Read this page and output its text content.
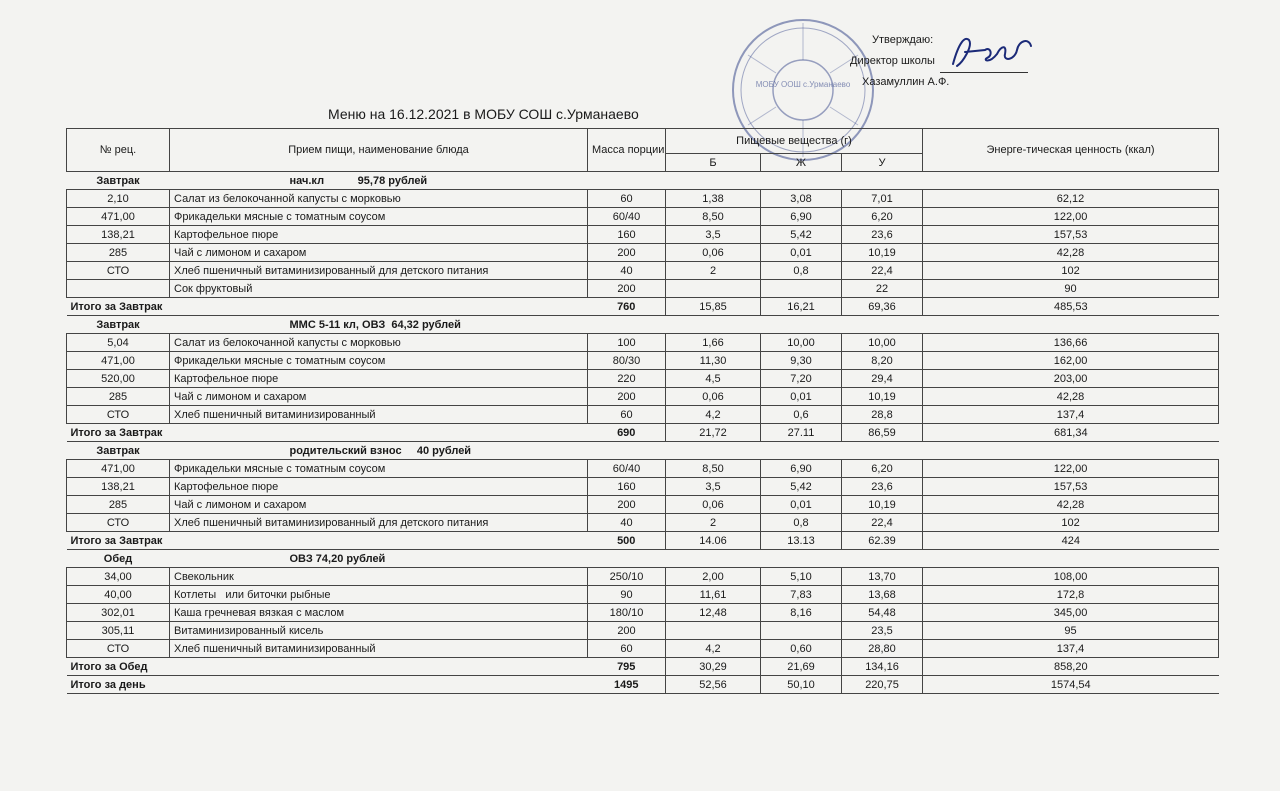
МОБУ ООШ с.Урманаево
Утверждаю:
Директор школы
Хазамуллин А.Ф.
Меню на 16.12.2021 в МОБУ СОШ с.Урманаево
№ рец.	Прием пищи, наименование блюда	Масса порции	Пищевые вещества (г)			Энерге-тическая ценность (ккал)
			Б	Ж	У	
Завтрак	нач.кл           95,78 рублей					
2,10	Салат из белокочанной капусты с морковью	60	1,38	3,08	7,01	62,12
471,00	Фрикадельки мясные с томатным соусом	60/40	8,50	6,90	6,20	122,00
138,21	Картофельное пюре	160	3,5	5,42	23,6	157,53
285	Чай с лимоном и сахаром	200	0,06	0,01	10,19	42,28
СТО	Хлеб пшеничный витаминизированный для детского питания	40	2	0,8	22,4	102
	Сок фруктовый	200			22	90
Итого за Завтрак		760	15,85	16,21	69,36	485,53
Завтрак	ММС 5-11 кл, ОВЗ  64,32 рублей					
5,04	Салат из белокочанной капусты с морковью	100	1,66	10,00	10,00	136,66
471,00	Фрикадельки мясные с томатным соусом	80/30	11,30	9,30	8,20	162,00
520,00	Картофельное пюре	220	4,5	7,20	29,4	203,00
285	Чай с лимоном и сахаром	200	0,06	0,01	10,19	42,28
СТО	Хлеб пшеничный витаминизированный	60	4,2	0,6	28,8	137,4
Итого за Завтрак		690	21,72	27.11	86,59	681,34
Завтрак	родительский взнос     40 рублей					
471,00	Фрикадельки мясные с томатным соусом	60/40	8,50	6,90	6,20	122,00
138,21	Картофельное пюре	160	3,5	5,42	23,6	157,53
285	Чай с лимоном и сахаром	200	0,06	0,01	10,19	42,28
СТО	Хлеб пшеничный витаминизированный для детского питания	40	2	0,8	22,4	102
Итого за Завтрак		500	14.06	13.13	62.39	424
Обед	ОВЗ 74,20 рублей					
34,00	Свекольник	250/10	2,00	5,10	13,70	108,00
40,00	Котлеты   или биточки рыбные	90	11,61	7,83	13,68	172,8
302,01	Каша гречневая вязкая с маслом	180/10	12,48	8,16	54,48	345,00
305,11	Витаминизированный кисель	200			23,5	95
СТО	Хлеб пшеничный витаминизированный	60	4,2	0,60	28,80	137,4
Итого за Обед		795	30,29	21,69	134,16	858,20
Итого за день		1495	52,56	50,10	220,75	1574,54
